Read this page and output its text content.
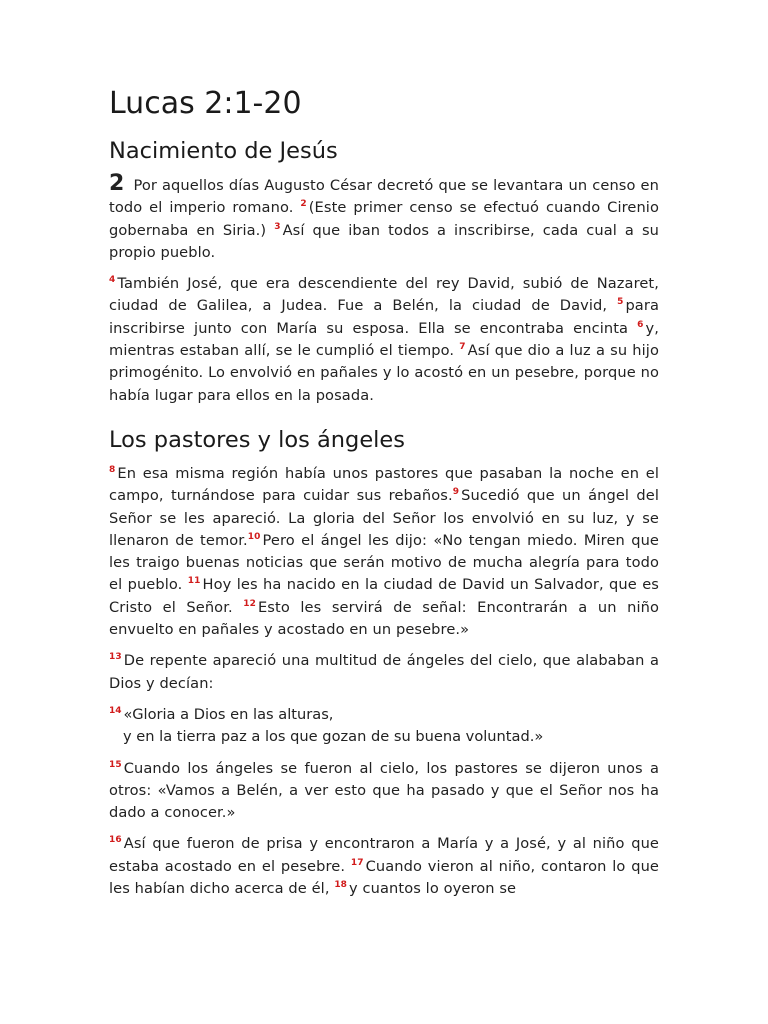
Lucas 2:1-20
Nacimiento de Jesús

2 Por aquellos días Augusto César decretó que se levantara un censo en todo el imperio romano. $^2$ (Este primer censo se efectuó cuando Cirenio gobernaba en Siria.) $^3$ Así que iban todos a inscribirse, cada cual a su propio pueblo.

$^4$ También José, que era descendiente del rey David, subió de Nazaret, ciudad de Galilea, a Judea. Fue a Belén, la ciudad de David, $^5$ para inscribirse junto con María su esposa. Ella se encontraba encinta $^6$ y, mientras estaban allí, se le cumplió el tiempo. $^7$ Así que dio a luz a su hijo primogénito. Lo envolvió en pañales y lo acostó en un pesebre, porque no había lugar para ellos en la posada.

Los pastores y los ángeles

$^8$ En esa misma región había unos pastores que pasaban la noche en el campo, turnándose para cuidar sus rebaños.$^9$ Sucedió que un ángel del Señor se les apareció. La gloria del Señor los envolvió en su luz, y se llenaron de temor.$^{10}$ Pero el ángel les dijo: «No tengan miedo. Miren que les traigo buenas noticias que serán motivo de mucha alegría para todo el pueblo. $^{11}$ Hoy les ha nacido en la ciudad de David un Salvador, que es Cristo el Señor. $^{12}$ Esto les servirá de señal: Encontrarán a un niño envuelto en pañales y acostado en un pesebre.»

$^{13}$ De repente apareció una multitud de ángeles del cielo, que alababan a Dios y decían:

$^{14}$ «Gloria a Dios en las alturas,
y en la tierra paz a los que gozan de su buena voluntad.»

$^{15}$ Cuando los ángeles se fueron al cielo, los pastores se dijeron unos a otros: «Vamos a Belén, a ver esto que ha pasado y que el Señor nos ha dado a conocer.»

$^{16}$ Así que fueron de prisa y encontraron a María y a José, y al niño que estaba acostado en el pesebre. $^{17}$ Cuando vieron al niño, contaron lo que les habían dicho acerca de él, $^{18}$ y cuantos lo oyeron se
